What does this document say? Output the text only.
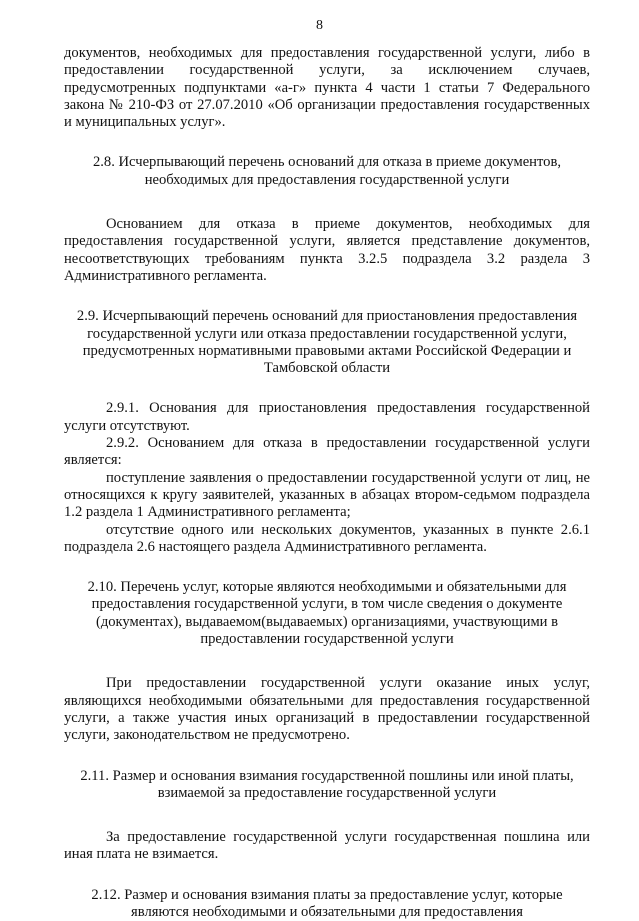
8

документов, необходимых для предоставления государственной услуги, либо в предоставлении государственной услуги, за исключением случаев, предусмотренных подпунктами «а-г» пункта 4 части 1 статьи 7 Федерального закона № 210-ФЗ от 27.07.2010 «Об организации предоставления государственных и муниципальных услуг».

2.8. Исчерпывающий перечень оснований для отказа в приеме документов, необходимых для предоставления государственной услуги

Основанием для отказа в приеме документов, необходимых для предоставления государственной услуги, является представление документов, несоответствующих требованиям пункта 3.2.5 подраздела 3.2 раздела 3 Административного регламента.

2.9. Исчерпывающий перечень оснований для приостановления предоставления государственной услуги или отказа предоставлении государственной услуги, предусмотренных нормативными правовыми актами Российской Федерации и Тамбовской области

2.9.1. Основания для приостановления предоставления государственной услуги отсутствуют.

2.9.2. Основанием для отказа в предоставлении государственной услуги является:

поступление заявления о предоставлении государственной услуги от лиц, не относящихся к кругу заявителей, указанных в абзацах втором-седьмом подраздела 1.2 раздела 1 Административного регламента;

отсутствие одного или нескольких документов, указанных в пункте 2.6.1 подраздела 2.6 настоящего раздела Административного регламента.

2.10. Перечень услуг, которые являются необходимыми и обязательными для предоставления государственной услуги, в том числе сведения о документе (документах), выдаваемом(выдаваемых) организациями, участвующими в предоставлении государственной услуги

При предоставлении государственной услуги оказание иных услуг, являющихся необходимыми обязательными для предоставления государственной услуги, а также участия иных организаций в предоставлении государственной услуги, законодательством не предусмотрено.

2.11. Размер и основания взимания государственной пошлины или иной платы, взимаемой за предоставление государственной услуги

За предоставление государственной услуги государственная пошлина или иная плата не взимается.

2.12. Размер и основания взимания платы за предоставление услуг, которые являются необходимыми и обязательными для предоставления
